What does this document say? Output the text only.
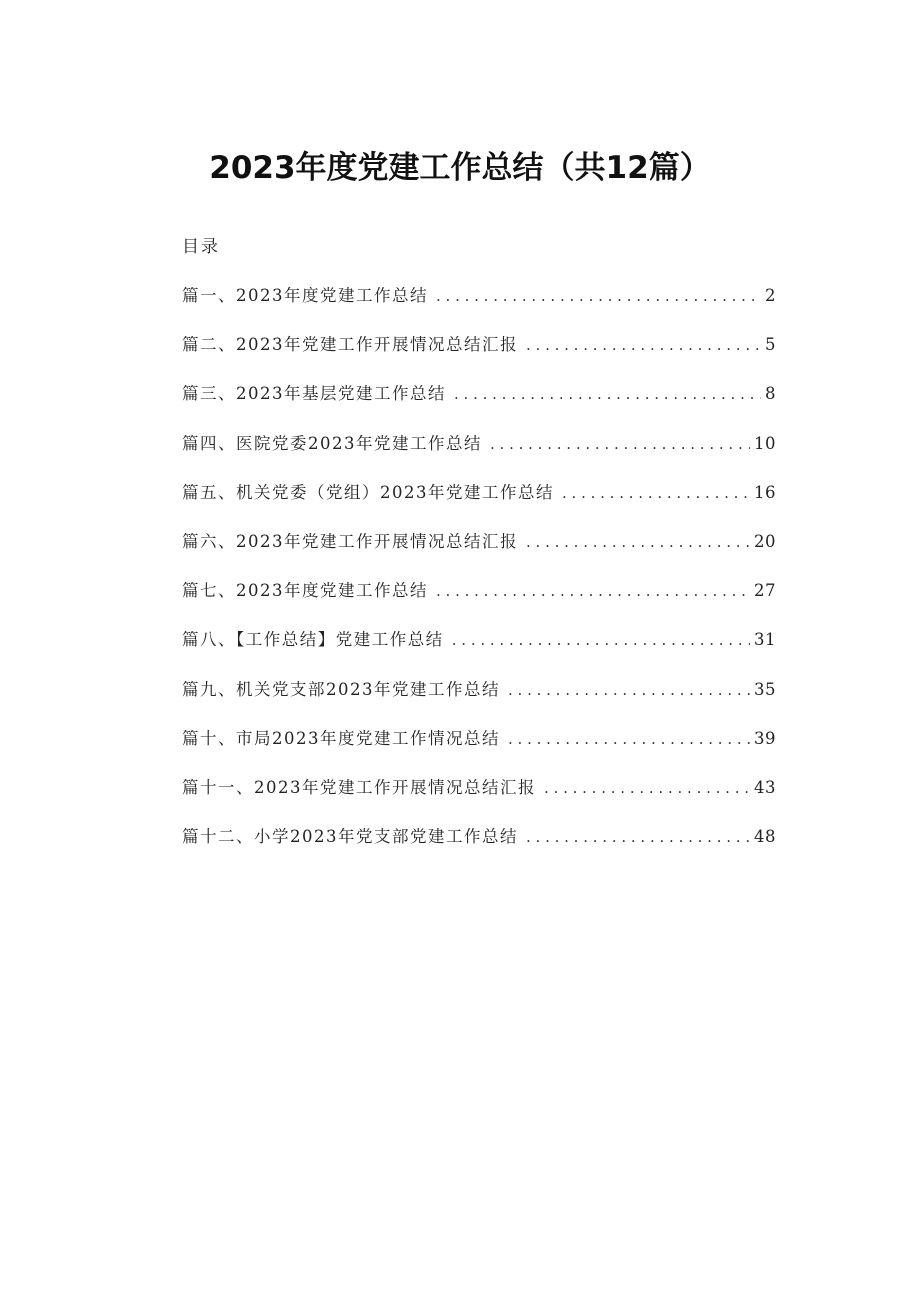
2023年度党建工作总结（共12篇）
目录
篇一、2023年度党建工作总结 . . .	2
篇二、2023年党建工作开展情况总结汇报 . . .	5
篇三、2023年基层党建工作总结 . . .	8
篇四、医院党委2023年党建工作总结 . . .	10
篇五、机关党委（党组）2023年党建工作总结 . . .	16
篇六、2023年党建工作开展情况总结汇报 . . .	20
篇七、2023年度党建工作总结 . . .	27
篇八、【工作总结】党建工作总结 . . .	31
篇九、机关党支部2023年党建工作总结 . . .	35
篇十、市局2023年度党建工作情况总结 . . .	39
篇十一、2023年党建工作开展情况总结汇报 . . .	43
篇十二、小学2023年党支部党建工作总结 . . .	48
